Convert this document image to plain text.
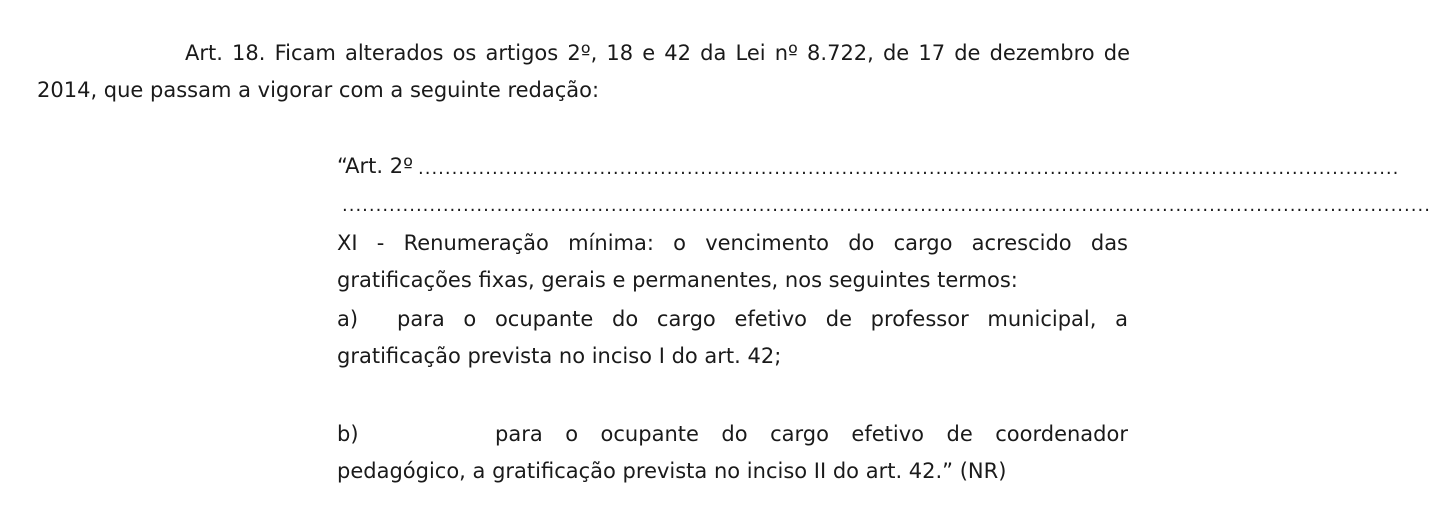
Art. 18. Ficam alterados os artigos 2º, 18 e 42 da Lei nº 8.722, de 17 de dezembro de
2014, que passam a vigorar com a seguinte redação:
“Art. 2º ..................................................................................................................................................
..................................................................................................................................................................
XI - Renumeração mínima: o vencimento do cargo acrescido das
gratificações fixas, gerais e permanentes, nos seguintes termos:
a) para o ocupante do cargo efetivo de professor municipal, a
gratificação prevista no inciso I do art. 42;
b)	para o ocupante do cargo efetivo de coordenador
pedagógico, a gratificação prevista no inciso II do art. 42.” (NR)
